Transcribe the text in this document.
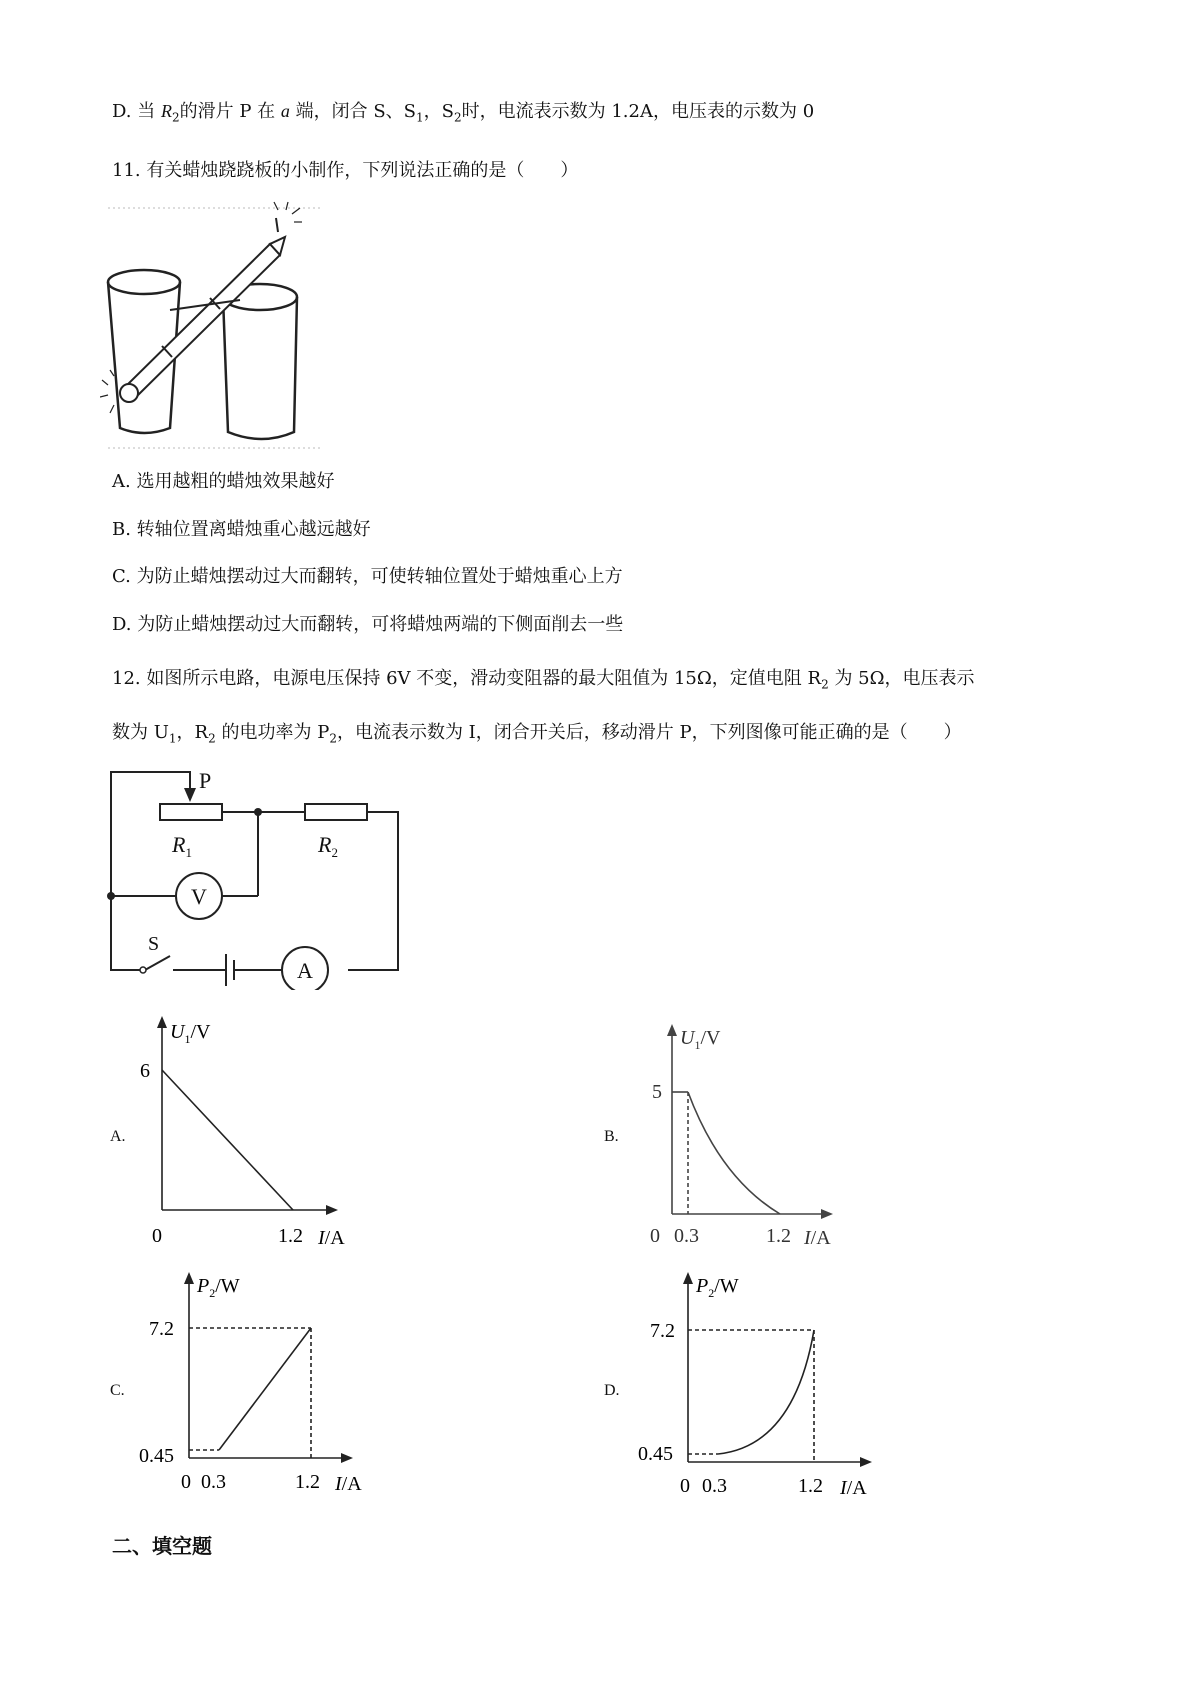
D. 当 $R_2$的滑片 P 在 a 端，闭合 S、$S_1$，$S_2$时，电流表示数为 1.2A，电压表的示数为 0
11. 有关蜡烛跷跷板的小制作，下列说法正确的是（　　）
A. 选用越粗的蜡烛效果越好
B. 转轴位置离蜡烛重心越远越好
C. 为防止蜡烛摆动过大而翻转，可使转轴位置处于蜡烛重心上方
D. 为防止蜡烛摆动过大而翻转，可将蜡烛两端的下侧面削去一些
12. 如图所示电路，电源电压保持 6V 不变，滑动变阻器的最大阻值为 15Ω，定值电阻 $R_2$ 为 5Ω，电压表示
数为 $U_1$，$R_2$ 的电功率为 $P_2$，电流表示数为 I，闭合开关后，移动滑片 P，下列图像可能正确的是（　　）
P
$R_1$	$R_2$
V
A
S
A.
$U_1/V$
6
0	1.2 I/A
B.
$U_1/V$
5
0 0.3	1.2 I/A
C.
$P_2/W$
7.2
0.45
0 0.3	1.2 I/A
D.
$P_2/W$
7.2
0.45
0 0.3	1.2 I/A
二、填空题
